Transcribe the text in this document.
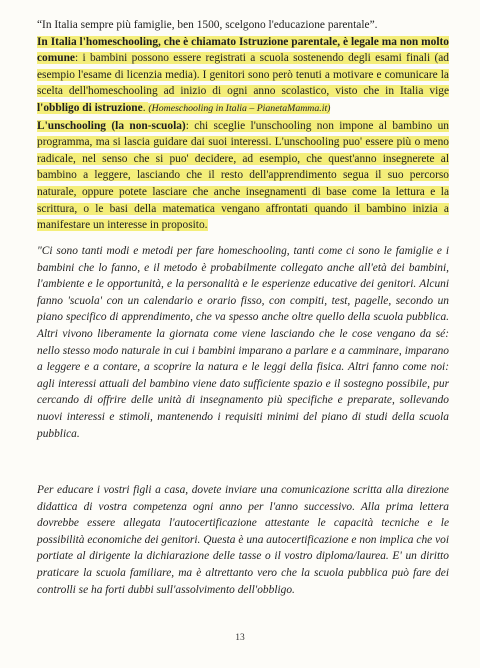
“In Italia sempre più famiglie, ben 1500, scelgono l'educazione parentale”.

In Italia l'homeschooling, che è chiamato Istruzione parentale, è legale ma non molto comune: i bambini possono essere registrati a scuola sostenendo degli esami finali (ad esempio l'esame di licenzia media). I genitori sono però tenuti a motivare e comunicare la scelta dell'homeschooling ad inizio di ogni anno scolastico, visto che in Italia vige l'obbligo di istruzione. (Homeschooling in Italia – PianetaMamma.it)

L'unschooling (la non-scuola): chi sceglie l'unschooling non impone al bambino un programma, ma si lascia guidare dai suoi interessi. L'unschooling puo' essere più o meno radicale, nel senso che si puo' decidere, ad esempio, che quest'anno insegnerete al bambino a leggere, lasciando che il resto dell'apprendimento segua il suo percorso naturale, oppure potete lasciare che anche insegnamenti di base come la lettura e la scrittura, o le basi della matematica vengano affrontati quando il bambino inizia a manifestare un interesse in proposito.

"Ci sono tanti modi e metodi per fare homeschooling, tanti come ci sono le famiglie e i bambini che lo fanno, e il metodo è probabilmente collegato anche all'età dei bambini, l'ambiente e le opportunità, e la personalità e le esperienze educative dei genitori. Alcuni fanno 'scuola' con un calendario e orario fisso, con compiti, test, pagelle, secondo un piano specifico di apprendimento, che va spesso anche oltre quello della scuola pubblica. Altri vivono liberamente la giornata come viene lasciando che le cose vengano da sé: nello stesso modo naturale in cui i bambini imparano a parlare e a camminare, imparano a leggere e a contare, a scoprire la natura e le leggi della fisica. Altri fanno come noi: agli interessi attuali del bambino viene dato sufficiente spazio e il sostegno possibile, pur cercando di offrire delle unità di insegnamento più specifiche e preparate, sollevando nuovi interessi e stimoli, mantenendo i requisiti minimi del piano di studi della scuola pubblica.

Per educare i vostri figli a casa, dovete inviare una comunicazione scritta alla direzione didattica di vostra competenza ogni anno per l'anno successivo. Alla prima lettera dovrebbe essere allegata l'autocertificazione attestante le capacità tecniche e le possibilità economiche dei genitori. Questa è una autocertificazione e non implica che voi portiate al dirigente la dichiarazione delle tasse o il vostro diploma/laurea. E' un diritto praticare la scuola familiare, ma è altrettanto vero che la scuola pubblica può fare dei controlli se ha forti dubbi sull'assolvimento dell'obbligo.

13
